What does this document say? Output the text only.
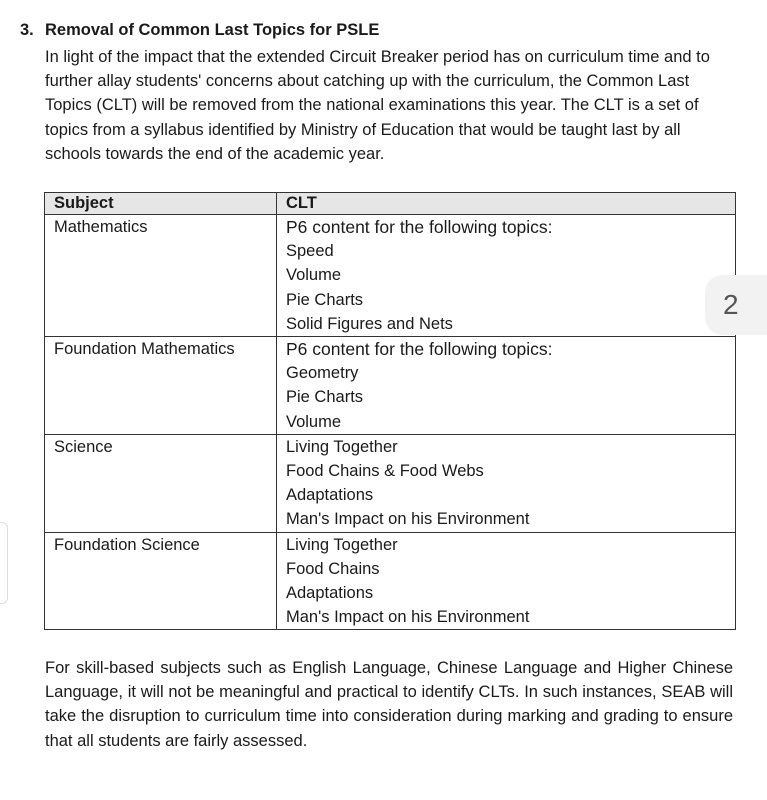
3. Removal of Common Last Topics for PSLE
In light of the impact that the extended Circuit Breaker period has on curriculum time and to further allay students' concerns about catching up with the curriculum, the Common Last Topics (CLT) will be removed from the national examinations this year. The CLT is a set of topics from a syllabus identified by Ministry of Education that would be taught last by all schools towards the end of the academic year.
Subject	CLT
Mathematics	P6 content for the following topics:
Speed
Volume
Pie Charts
Solid Figures and Nets

Foundation Mathematics	P6 content for the following topics:
Geometry
Pie Charts
Volume

Science	Living Together
Food Chains & Food Webs
Adaptations
Man's Impact on his Environment

Foundation Science	Living Together
Food Chains
Adaptations
Man's Impact on his Environment
For skill-based subjects such as English Language, Chinese Language and Higher Chinese Language, it will not be meaningful and practical to identify CLTs. In such instances, SEAB will take the disruption to curriculum time into consideration during marking and grading to ensure that all students are fairly assessed.
2
